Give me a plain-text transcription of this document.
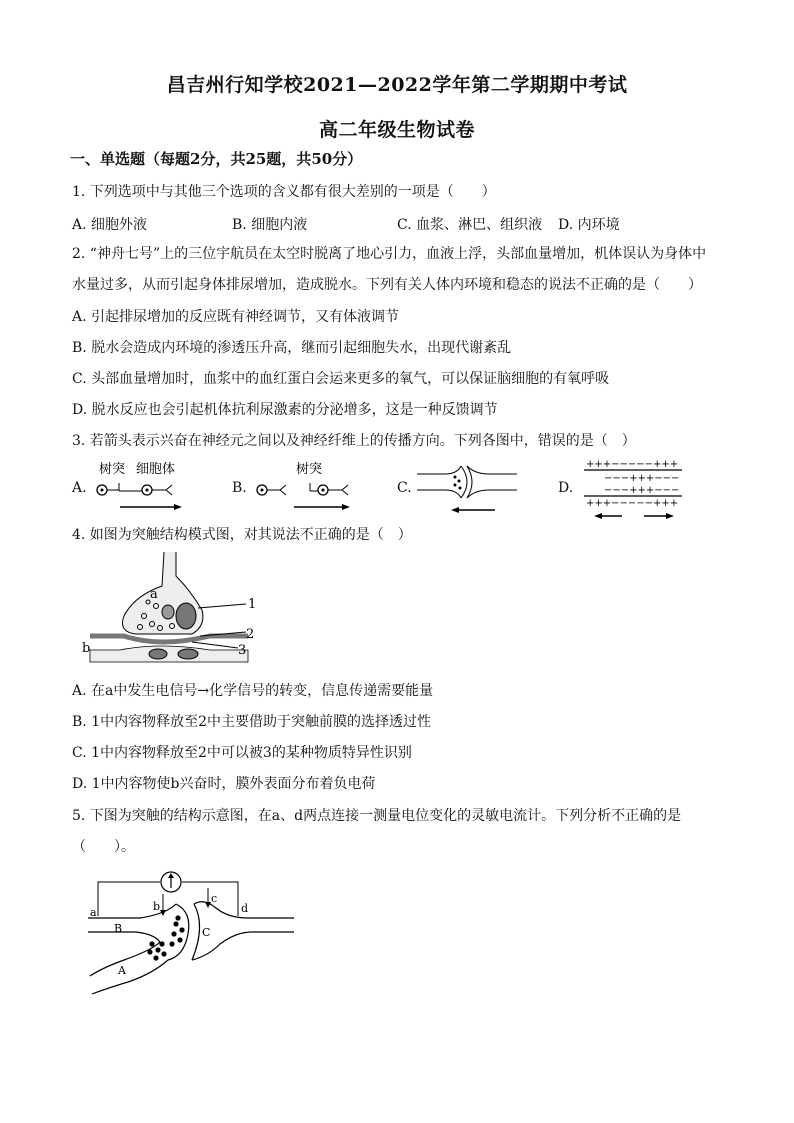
昌吉州行知学校2021—2022学年第二学期期中考试
高二年级生物试卷
一、单选题（每题2分，共25题，共50分）
1. 下列选项中与其他三个选项的含义都有很大差别的一项是（　　）
A. 细胞外液	B. 细胞内液	C. 血浆、淋巴、组织液 D. 内环境
2. “神舟七号”上的三位宇航员在太空时脱离了地心引力，血液上浮，头部血量增加，机体误认为身体中
水量过多，从而引起身体排尿增加，造成脱水。下列有关人体内环境和稳态的说法不正确的是（　　）
A. 引起排尿增加的反应既有神经调节，又有体液调节
B. 脱水会造成内环境的渗透压升高，继而引起细胞失水，出现代谢紊乱
C. 头部血量增加时，血浆中的血红蛋白会运来更多的氧气，可以保证脑细胞的有氧呼吸
D. 脱水反应也会引起机体抗利尿激素的分泌增多，这是一种反馈调节
3. 若箭头表示兴奋在神经元之间以及神经纤维上的传播方向。下列各图中，错误的是（　）
A.
树突 细胞体
B.
树突
C.	D.
+++−−−−−+++
−−−+++−−−
−−−+++−−−
+++−−−−−+++
4. 如图为突触结构模式图，对其说法不正确的是（　）
a
b
1
2
3
A. 在a中发生电信号→化学信号的转变，信息传递需要能量
B. 1中内容物释放至2中主要借助于突触前膜的选择透过性
C. 1中内容物释放至2中可以被3的某种物质特异性识别
D. 1中内容物使b兴奋时，膜外表面分布着负电荷
5. 下图为突触的结构示意图，在a、d两点连接一测量电位变化的灵敏电流计。下列分析不正确的是
（　　）。
a	b
c
d
B	C
A
